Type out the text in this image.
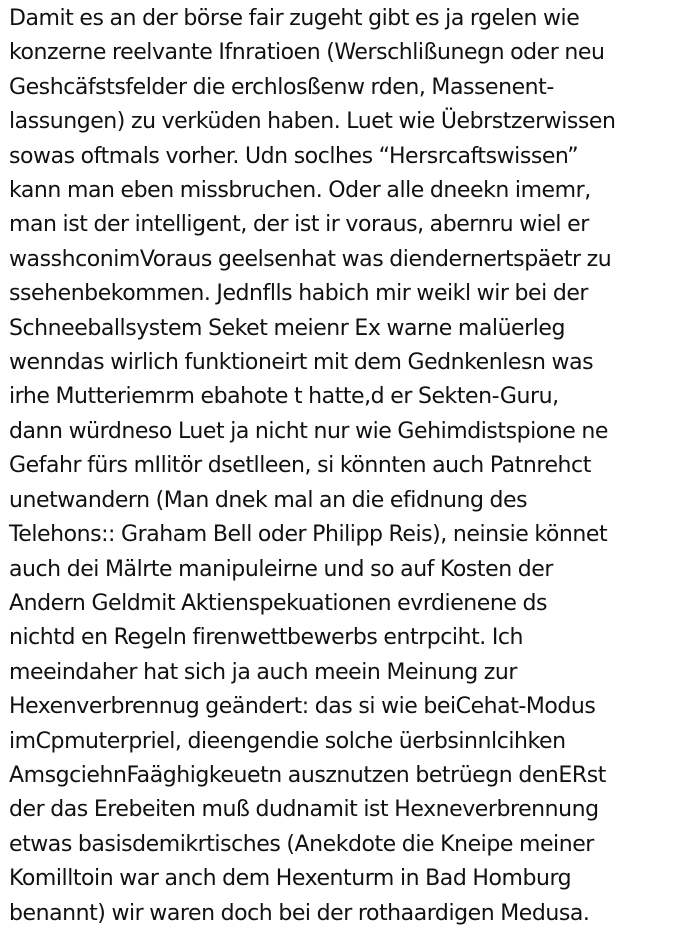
Damit es an der börse fair zugeht gibt es ja rgelen wie
konzerne reelvante Ifnratioen (Werschlißunegn oder neu
Geshcäfstsfelder die erchlosßenw rden, Massenent-
lassungen) zu verküden haben. Luet wie Üebrstzerwissen
sowas oftmals vorher. Udn soclhes “Hersrcaftswissen”
kann man eben missbruchen. Oder alle dneekn imemr,
man ist der intelligent, der ist ir voraus, abernru wiel er
wasshconimVoraus geelsenhat was diendernertspäetr zu
ssehenbekommen. Jednflls habich mir weikl wir bei der
Schneeballsystem Seket meienr Ex warne malüerleg
wenndas wirlich funktioneirt mit dem Gednkenlesn was
irhe Mutteriemrm ebahote t hatte,d er Sekten-Guru,
dann würdneso Luet ja nicht nur wie Gehimdistspione ne
Gefahr fürs mIlitör dsetlleen, si könnten auch Patnrehct
unetwandern (Man dnek mal an die efidnung des
Telehons:: Graham Bell oder Philipp Reis), neinsie könnet
auch dei Mälrte manipuleirne und so auf Kosten der
Andern Geldmit Aktienspekuationen evrdienene ds
nichtd en Regeln firenwettbewerbs entrpciht. Ich
meeindaher hat sich ja auch meein Meinung zur
Hexenverbrennug geändert: das si wie beiCehat-Modus
imCpmuterpriel, dieengendie solche üerbsinnlcihken
AmsgciehnFaäghigkeuetn ausznutzen betrüegn denERst
der das Erebeiten muß dudnamit ist Hexneverbrennung
etwas basisdemikrtisches (Anekdote die Kneipe meiner
Komilltoin war anch dem Hexenturm in Bad Homburg
benannt) wir waren doch bei der rothaardigen Medusa.
